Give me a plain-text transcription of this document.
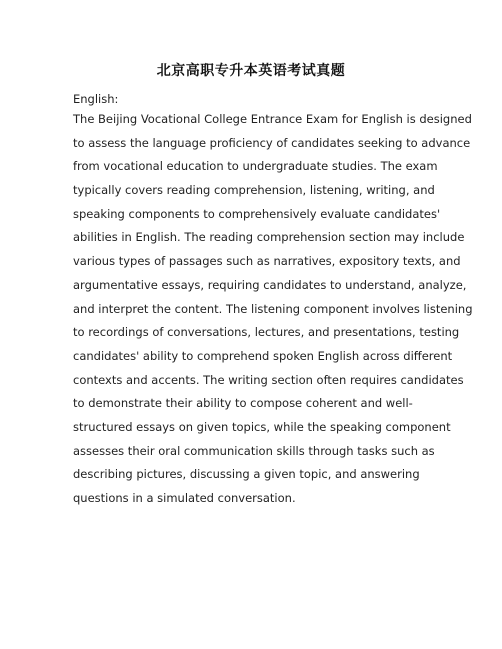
北京高职专升本英语考试真题
English:
The Beijing Vocational College Entrance Exam for English is designed
to assess the language proficiency of candidates seeking to advance
from vocational education to undergraduate studies. The exam
typically covers reading comprehension, listening, writing, and
speaking components to comprehensively evaluate candidates'
abilities in English. The reading comprehension section may include
various types of passages such as narratives, expository texts, and
argumentative essays, requiring candidates to understand, analyze,
and interpret the content. The listening component involves listening
to recordings of conversations, lectures, and presentations, testing
candidates' ability to comprehend spoken English across different
contexts and accents. The writing section often requires candidates
to demonstrate their ability to compose coherent and well-
structured essays on given topics, while the speaking component
assesses their oral communication skills through tasks such as
describing pictures, discussing a given topic, and answering
questions in a simulated conversation.
